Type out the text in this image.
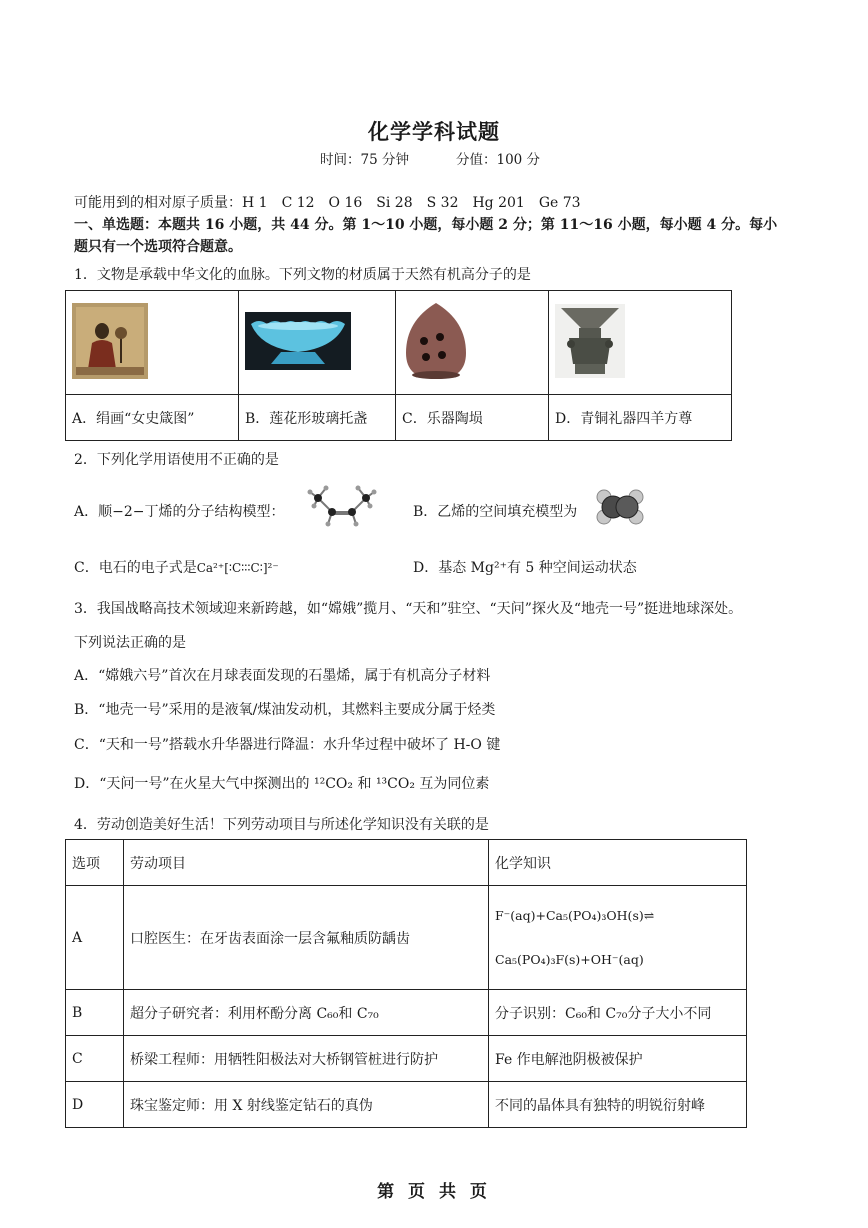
化学学科试题
时间：75 分钟	分值：100 分
可能用到的相对原子质量：H 1　C 12　O 16　Si 28　S 32　Hg 201　Ge 73
一、单选题：本题共 16 小题，共 44 分。第 1～10 小题，每小题 2 分；第 11～16 小题，每小题 4 分。每小
题只有一个选项符合题意。
1．文物是承载中华文化的血脉。下列文物的材质属于天然有机高分子的是

A．绢画“女史箴图”	B．莲花形玻璃托盏	C．乐器陶埙	D．青铜礼器四羊方尊
2．下列化学用语使用不正确的是
A．顺−2−丁烯的分子结构模型：	B．乙烯的空间填充模型为
C．电石的电子式是Ca²⁺[∶C∶∶∶C∶]²⁻	D．基态 Mg²⁺有 5 种空间运动状态
3．我国战略高技术领域迎来新跨越，如“嫦娥”揽月、“天和”驻空、“天问”探火及“地壳一号”挺进地球深处。
下列说法正确的是
A．“嫦娥六号”首次在月球表面发现的石墨烯，属于有机高分子材料
B．“地壳一号”采用的是液氧/煤油发动机，其燃料主要成分属于烃类
C．“天和一号”搭载水升华器进行降温：水升华过程中破坏了 H-O 键
D．“天问一号”在火星大气中探测出的 ¹²CO₂ 和 ¹³CO₂ 互为同位素
4．劳动创造美好生活！下列劳动项目与所述化学知识没有关联的是
选项	劳动项目	化学知识
A	口腔医生：在牙齿表面涂一层含氟釉质防龋齿	F⁻(aq)+Ca₅(PO₄)₃OH(s)⇌
Ca₅(PO₄)₃F(s)+OH⁻(aq)

B	超分子研究者：利用杯酚分离 C₆₀和 C₇₀	分子识别：C₆₀和 C₇₀分子大小不同
C	桥梁工程师：用牺牲阳极法对大桥钢管桩进行防护	Fe 作电解池阴极被保护
D	珠宝鉴定师：用 X 射线鉴定钻石的真伪	不同的晶体具有独特的明锐衍射峰
第 页 共 页
